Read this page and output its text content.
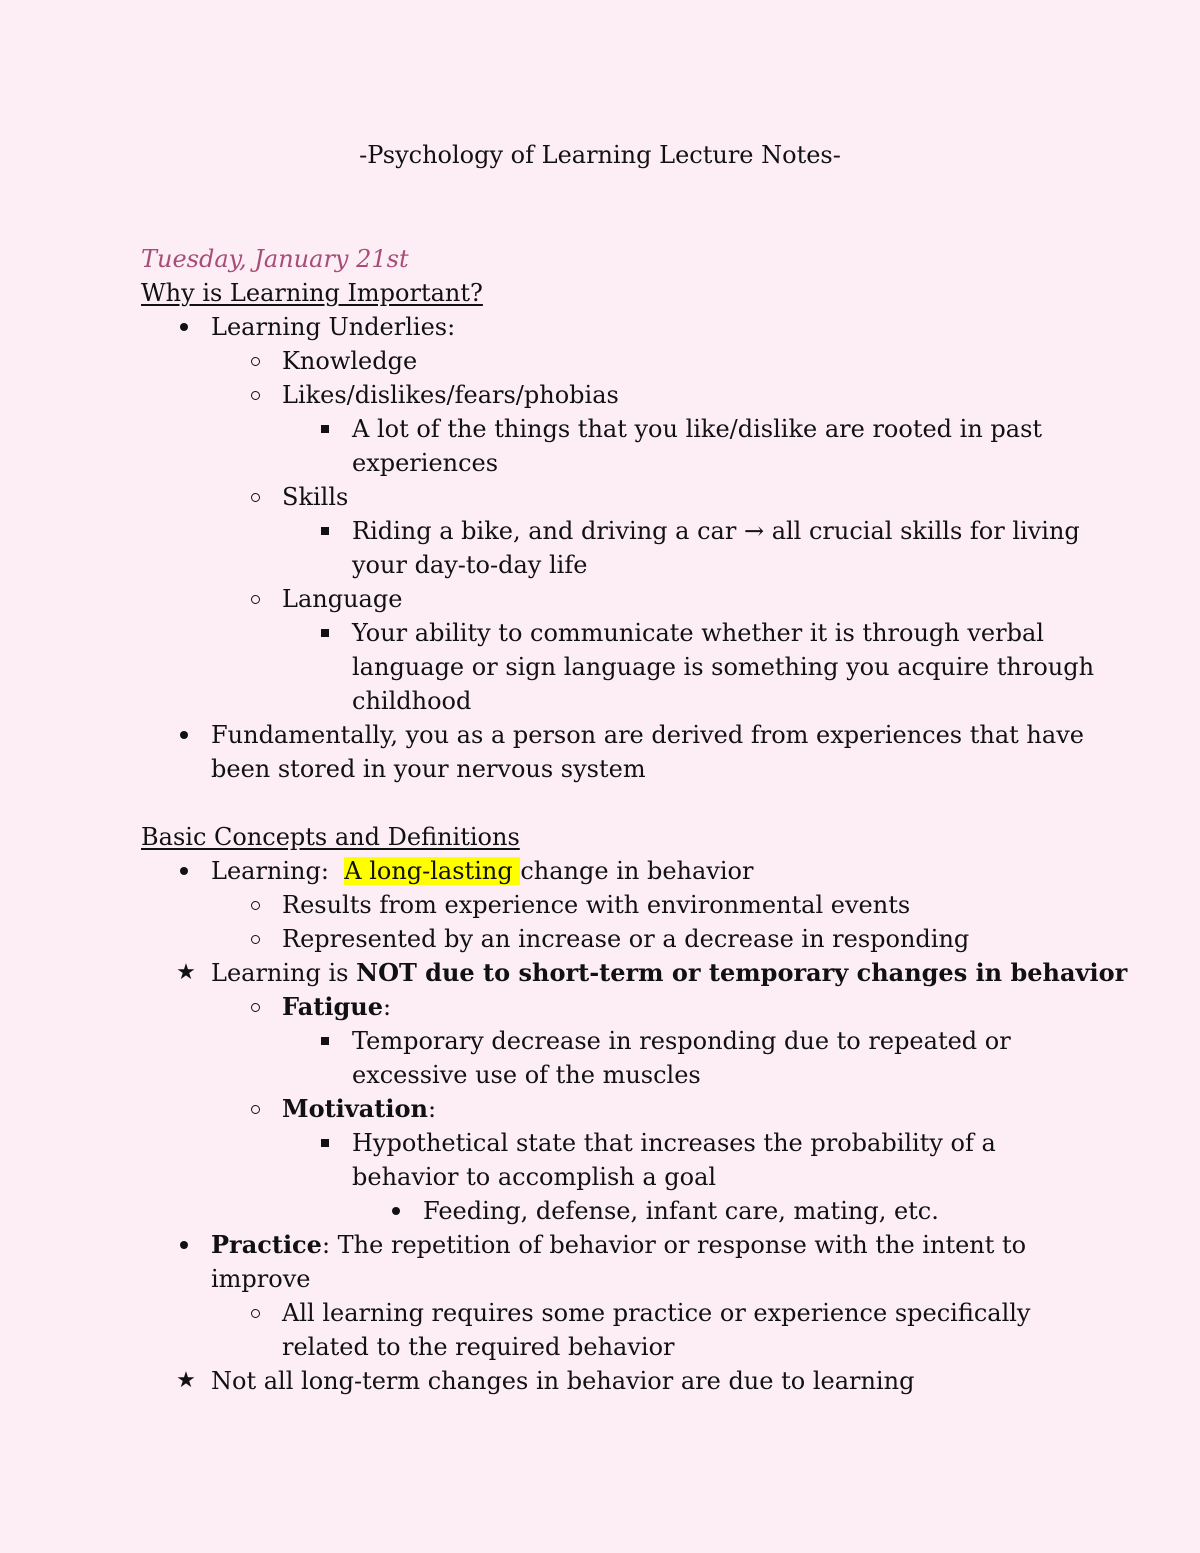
-Psychology of Learning Lecture Notes-
Tuesday, January 21st
Why is Learning Important?
Learning Underlies:
Knowledge
Likes/dislikes/fears/phobias
A lot of the things that you like/dislike are rooted in past
experiences
Skills
Riding a bike, and driving a car → all crucial skills for living
your day-to-day life
Language
Your ability to communicate whether it is through verbal
language or sign language is something you acquire through
childhood
Fundamentally, you as a person are derived from experiences that have
been stored in your nervous system
Basic Concepts and Definitions
Learning: A long-lasting change in behavior
Results from experience with environmental events
Represented by an increase or a decrease in responding
★ Learning is NOT due to short-term or temporary changes in behavior
Fatigue:
Temporary decrease in responding due to repeated or
excessive use of the muscles
Motivation:
Hypothetical state that increases the probability of a
behavior to accomplish a goal
Feeding, defense, infant care, mating, etc.
Practice: The repetition of behavior or response with the intent to
improve
All learning requires some practice or experience specifically
related to the required behavior
★ Not all long-term changes in behavior are due to learning
